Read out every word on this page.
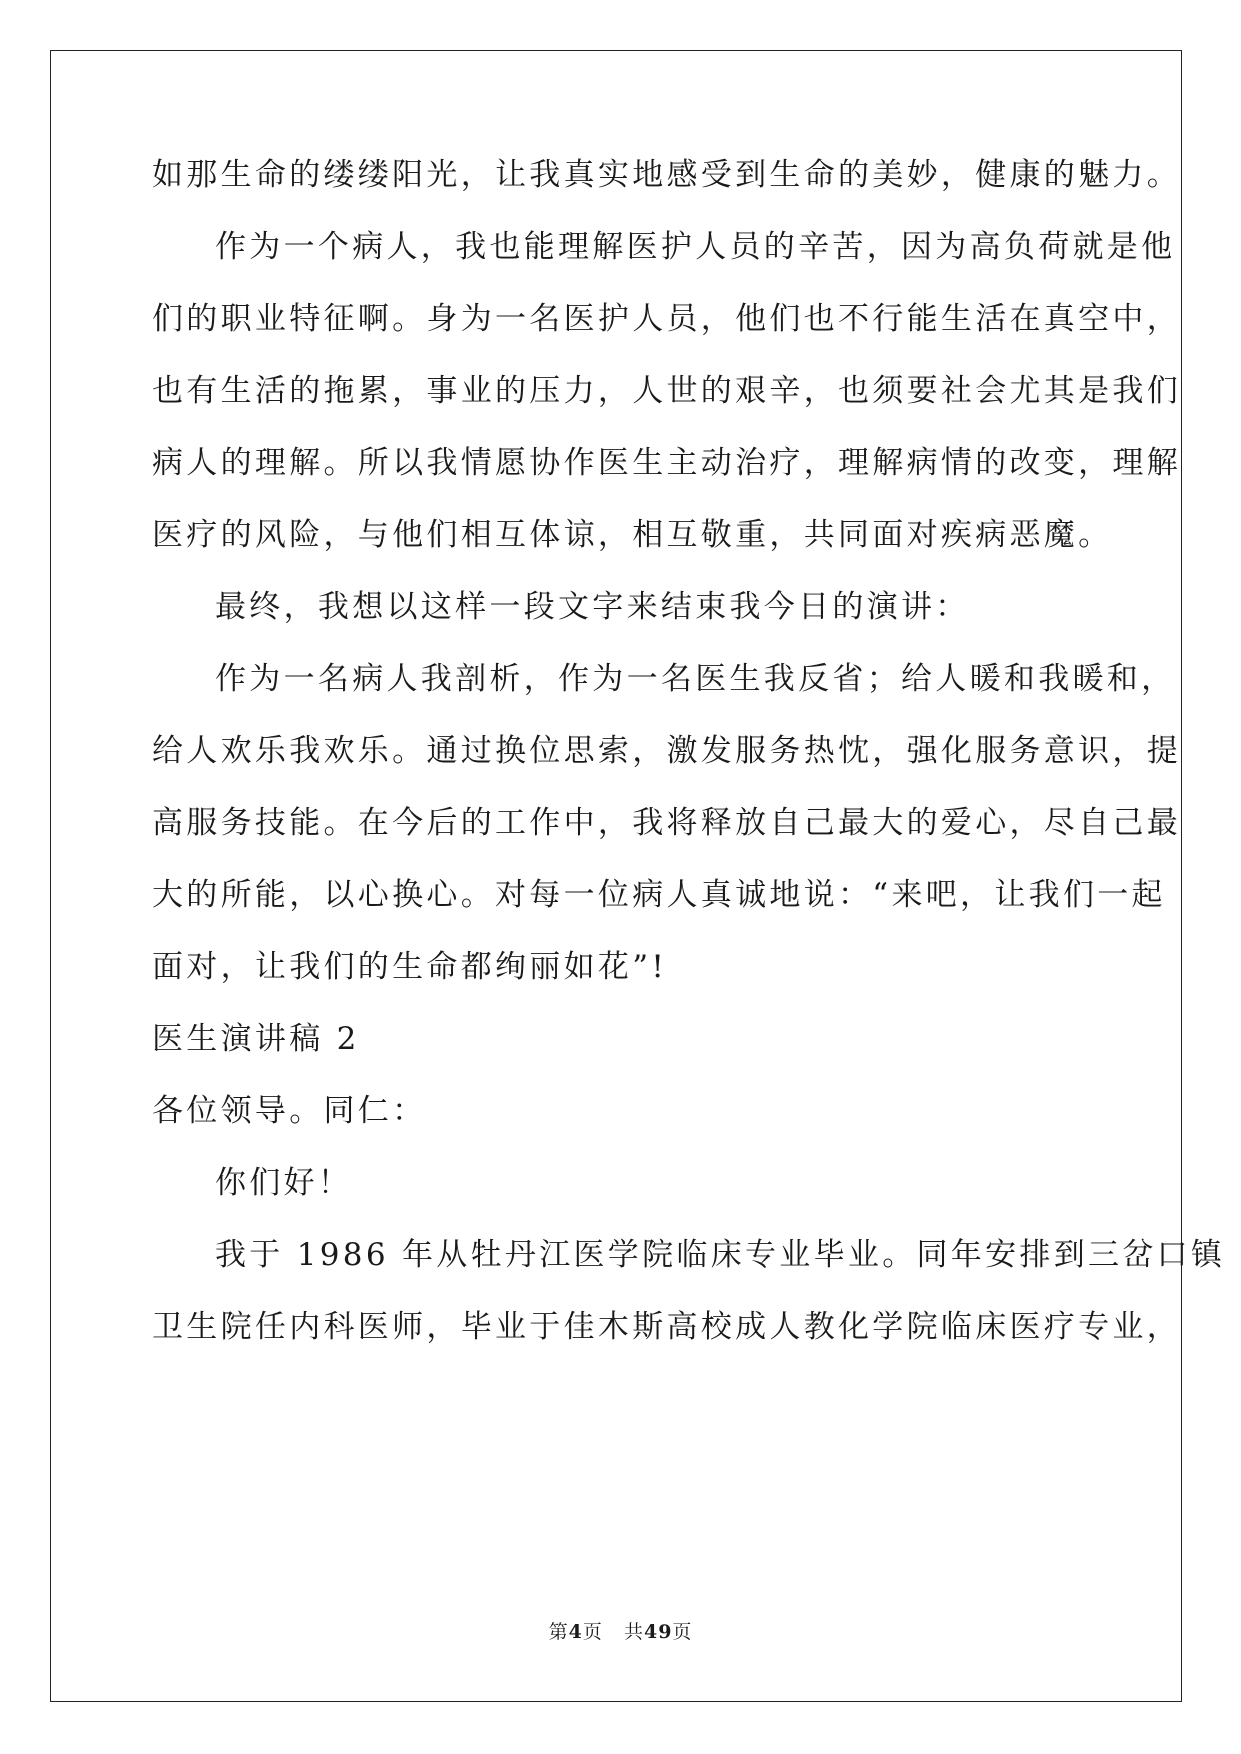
如那生命的缕缕阳光，让我真实地感受到生命的美妙，健康的魅力。
作为一个病人，我也能理解医护人员的辛苦，因为高负荷就是他
们的职业特征啊。身为一名医护人员，他们也不行能生活在真空中，
也有生活的拖累，事业的压力，人世的艰辛，也须要社会尤其是我们
病人的理解。所以我情愿协作医生主动治疗，理解病情的改变，理解
医疗的风险，与他们相互体谅，相互敬重，共同面对疾病恶魔。
最终，我想以这样一段文字来结束我今日的演讲：
作为一名病人我剖析，作为一名医生我反省；给人暖和我暖和，
给人欢乐我欢乐。通过换位思索，激发服务热忱，强化服务意识，提
高服务技能。在今后的工作中，我将释放自己最大的爱心，尽自己最
大的所能，以心换心。对每一位病人真诚地说：“来吧，让我们一起
面对，让我们的生命都绚丽如花”!
医生演讲稿 2
各位领导。同仁：
你们好！
我于 1986 年从牡丹江医学院临床专业毕业。同年安排到三岔口镇
卫生院任内科医师，毕业于佳木斯高校成人教化学院临床医疗专业，
第4页 共49页
